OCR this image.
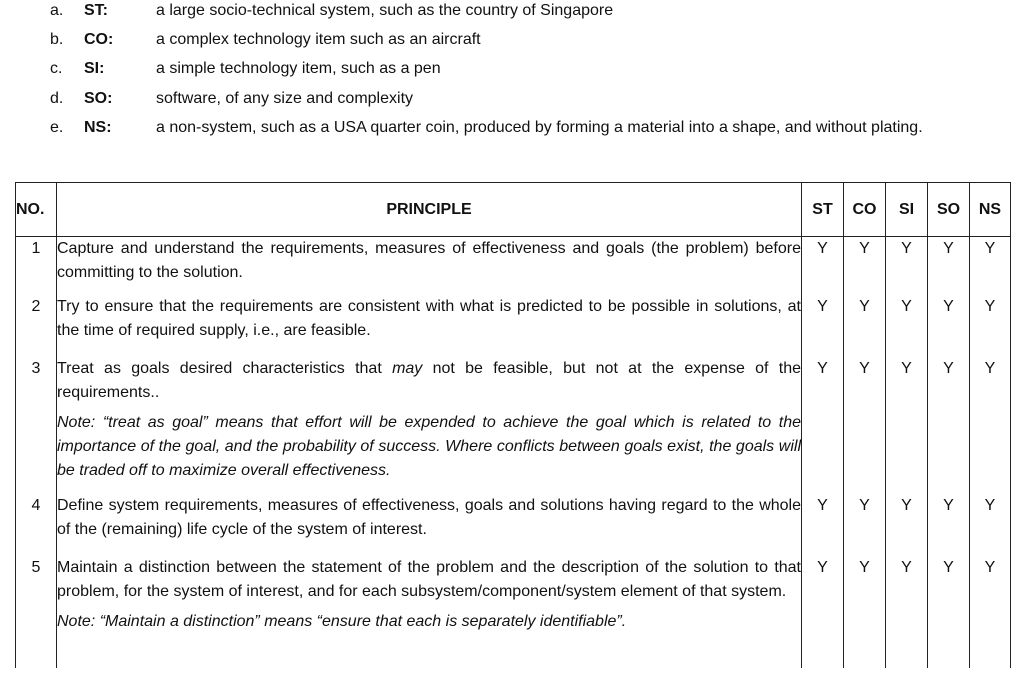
a. ST:	a large socio-technical system, such as the country of Singapore
b. CO:	a complex technology item such as an aircraft
c. SI:	a simple technology item, such as a pen
d. SO:	software, of any size and complexity
e. NS:	a non-system, such as a USA quarter coin, produced by forming a material into a shape, and without plating.
NO.	PRINCIPLE	ST	CO	SI	SO	NS
1	Capture and understand the requirements, measures of effectiveness and goals (the problem) before committing to the solution.	Y	Y	Y	Y	Y
2	Try to ensure that the requirements are consistent with what is predicted to be possible in solutions, at the time of required supply, i.e., are feasible.	Y	Y	Y	Y	Y
3	Treat as goals desired characteristics that may not be feasible, but not at the expense of the requirements..
Note: “treat as goal” means that effort will be expended to achieve the goal which is related to the importance of the goal, and the probability of success. Where conflicts between goals exist, the goals will be traded off to maximize overall effectiveness.	Y	Y	Y	Y	Y
4	Define system requirements, measures of effectiveness, goals and solutions having regard to the whole of the (remaining) life cycle of the system of interest.	Y	Y	Y	Y	Y
5	Maintain a distinction between the statement of the problem and the description of the solution to that problem, for the system of interest, and for each subsystem/component/system element of that system.
Note: “Maintain a distinction” means “ensure that each is separately identifiable”.	Y	Y	Y	Y	Y
